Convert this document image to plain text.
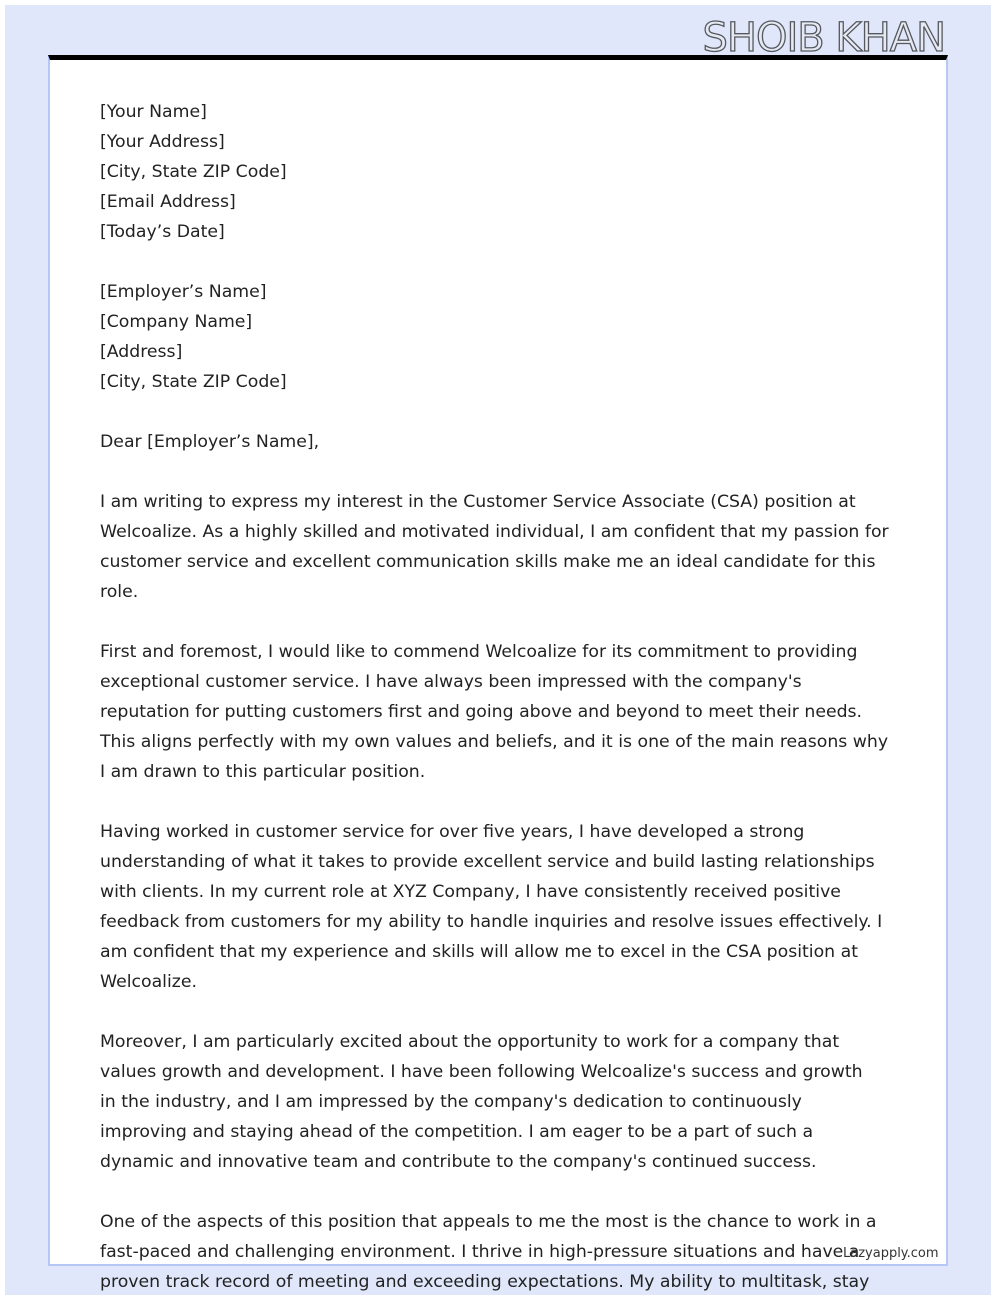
SHOIB KHAN
[Your Name]
[Your Address]
[City, State ZIP Code]
[Email Address]
[Today’s Date]
[Employer’s Name]
[Company Name]
[Address]
[City, State ZIP Code]
Dear [Employer’s Name],
I am writing to express my interest in the Customer Service Associate (CSA) position at
Welcoalize. As a highly skilled and motivated individual, I am confident that my passion for
customer service and excellent communication skills make me an ideal candidate for this
role.
First and foremost, I would like to commend Welcoalize for its commitment to providing
exceptional customer service. I have always been impressed with the company's
reputation for putting customers first and going above and beyond to meet their needs.
This aligns perfectly with my own values and beliefs, and it is one of the main reasons why
I am drawn to this particular position.
Having worked in customer service for over five years, I have developed a strong
understanding of what it takes to provide excellent service and build lasting relationships
with clients. In my current role at XYZ Company, I have consistently received positive
feedback from customers for my ability to handle inquiries and resolve issues effectively. I
am confident that my experience and skills will allow me to excel in the CSA position at
Welcoalize.
Moreover, I am particularly excited about the opportunity to work for a company that
values growth and development. I have been following Welcoalize's success and growth
in the industry, and I am impressed by the company's dedication to continuously
improving and staying ahead of the competition. I am eager to be a part of such a
dynamic and innovative team and contribute to the company's continued success.
One of the aspects of this position that appeals to me the most is the chance to work in a
fast-paced and challenging environment. I thrive in high-pressure situations and have a
proven track record of meeting and exceeding expectations. My ability to multitask, stay
Lazyapply.com
